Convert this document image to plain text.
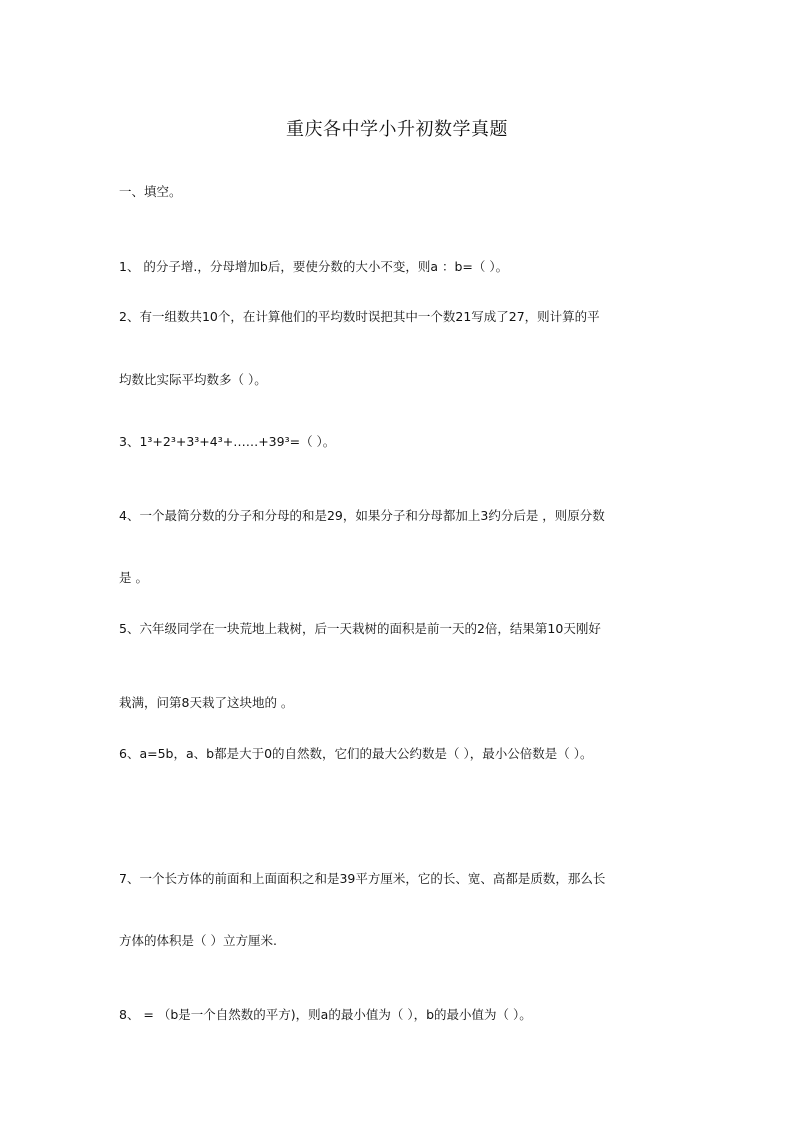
重庆各中学小升初数学真题
一、填空。
1、 的分子增.，分母增加b后，要使分数的大小不变，则a ：b=（ ）。
2、有一组数共10个，在计算他们的平均数时误把其中一个数21写成了27，则计算的平
均数比实际平均数多（ ）。
3、1³+2³+3³+4³+……+39³=（ ）。
4、一个最简分数的分子和分母的和是29，如果分子和分母都加上3约分后是 ，则原分数
是 。
5、六年级同学在一块荒地上栽树，后一天栽树的面积是前一天的2倍，结果第10天刚好
栽满，问第8天栽了这块地的 。
6、a=5b，a、b都是大于0的自然数，它们的最大公约数是（ ），最小公倍数是（ ）。
7、一个长方体的前面和上面面积之和是39平方厘米，它的长、宽、高都是质数，那么长
方体的体积是（ ）立方厘米.
8、 = （b是一个自然数的平方)，则a的最小值为（ ），b的最小值为（ ）。
